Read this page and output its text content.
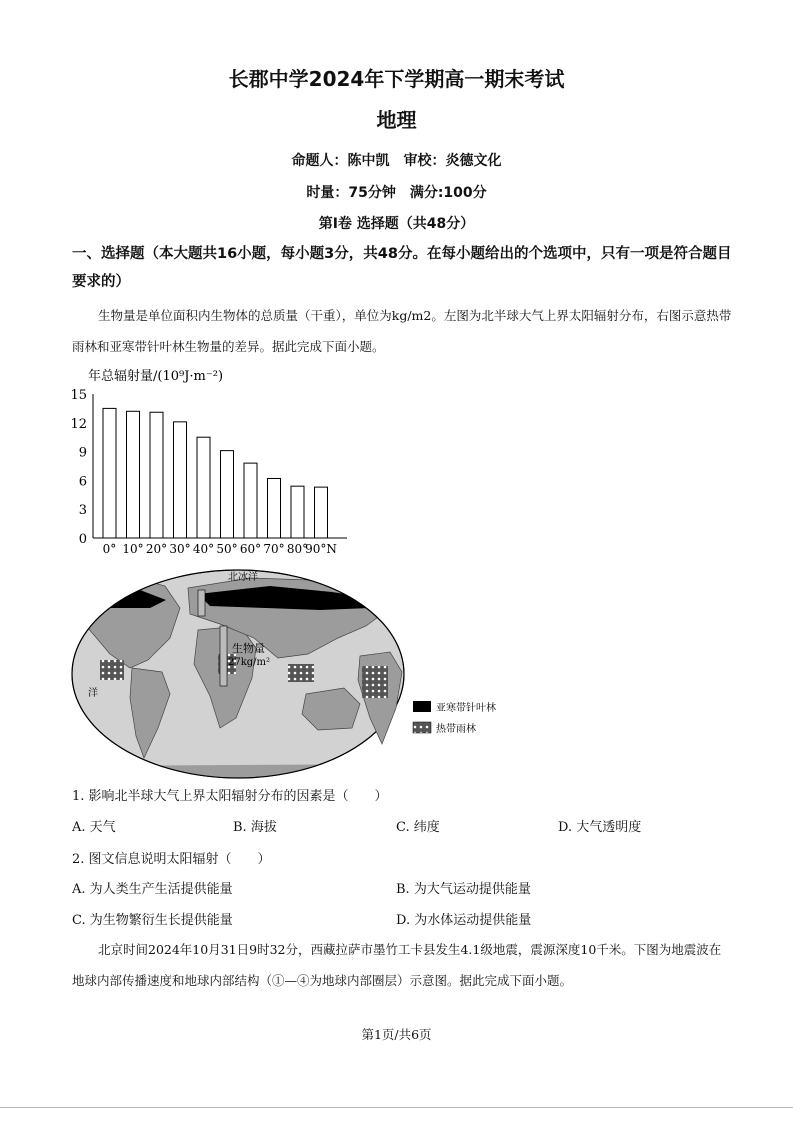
长郡中学2024年下学期高一期末考试
地理
命题人：陈中凯　审校：炎德文化
时量：75分钟　满分:100分
第Ⅰ卷 选择题（共48分）
一、选择题（本大题共16小题，每小题3分，共48分。在每小题给出的个选项中，只有一项是符合题目要求的）
生物量是单位面积内生物体的总质量（干重），单位为kg/m2。左图为北半球大气上界太阳辐射分布，右图示意热带雨林和亚寒带针叶林生物量的差异。据此完成下面小题。
年总辐射量/(10⁹J·m⁻²)
0
3
6
9
12
15
0° 10° 20° 30° 40° 50° 60° 70° 80°
90°N
北冰洋
生物量
27kg/m²
洋
亚寒带针叶林
热带雨林
1. 影响北半球大气上界太阳辐射分布的因素是（　　）
A. 天气	B. 海拔	C. 纬度	D. 大气透明度
2. 图文信息说明太阳辐射（　　）
A. 为人类生产生活提供能量	B. 为大气运动提供能量
C. 为生物繁衍生长提供能量	D. 为水体运动提供能量
北京时间2024年10月31日9时32分，西藏拉萨市墨竹工卡县发生4.1级地震，震源深度10千米。下图为地震波在地球内部传播速度和地球内部结构（①—④为地球内部圈层）示意图。据此完成下面小题。
第1页/共6页
